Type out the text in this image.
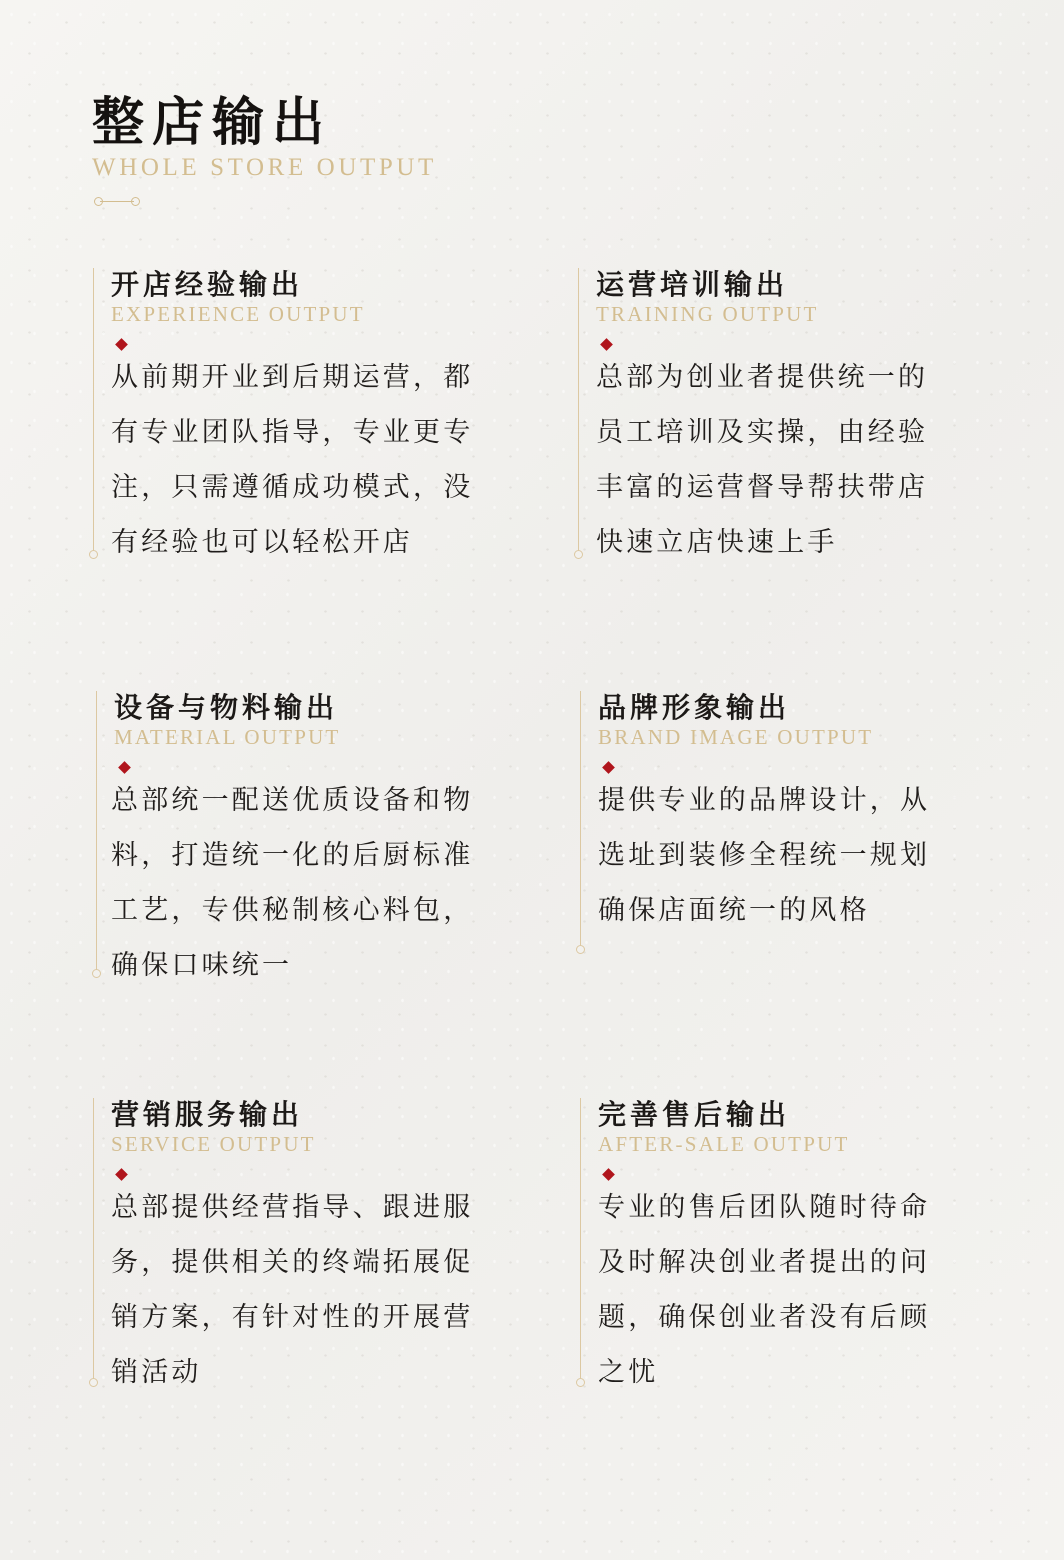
整店输出
WHOLE STORE OUTPUT
开店经验输出
EXPERIENCE OUTPUT
从前期开业到后期运营，都
有专业团队指导，专业更专
注，只需遵循成功模式，没
有经验也可以轻松开店
运营培训输出
TRAINING OUTPUT
总部为创业者提供统一的
员工培训及实操，由经验
丰富的运营督导帮扶带店
快速立店快速上手
设备与物料输出
MATERIAL OUTPUT
总部统一配送优质设备和物
料，打造统一化的后厨标准
工艺，专供秘制核心料包，
确保口味统一
品牌形象输出
BRAND IMAGE OUTPUT
提供专业的品牌设计，从
选址到装修全程统一规划
确保店面统一的风格
营销服务输出
SERVICE OUTPUT
总部提供经营指导、跟进服
务，提供相关的终端拓展促
销方案，有针对性的开展营
销活动
完善售后输出
AFTER-SALE OUTPUT
专业的售后团队随时待命
及时解决创业者提出的问
题，确保创业者没有后顾
之忧
